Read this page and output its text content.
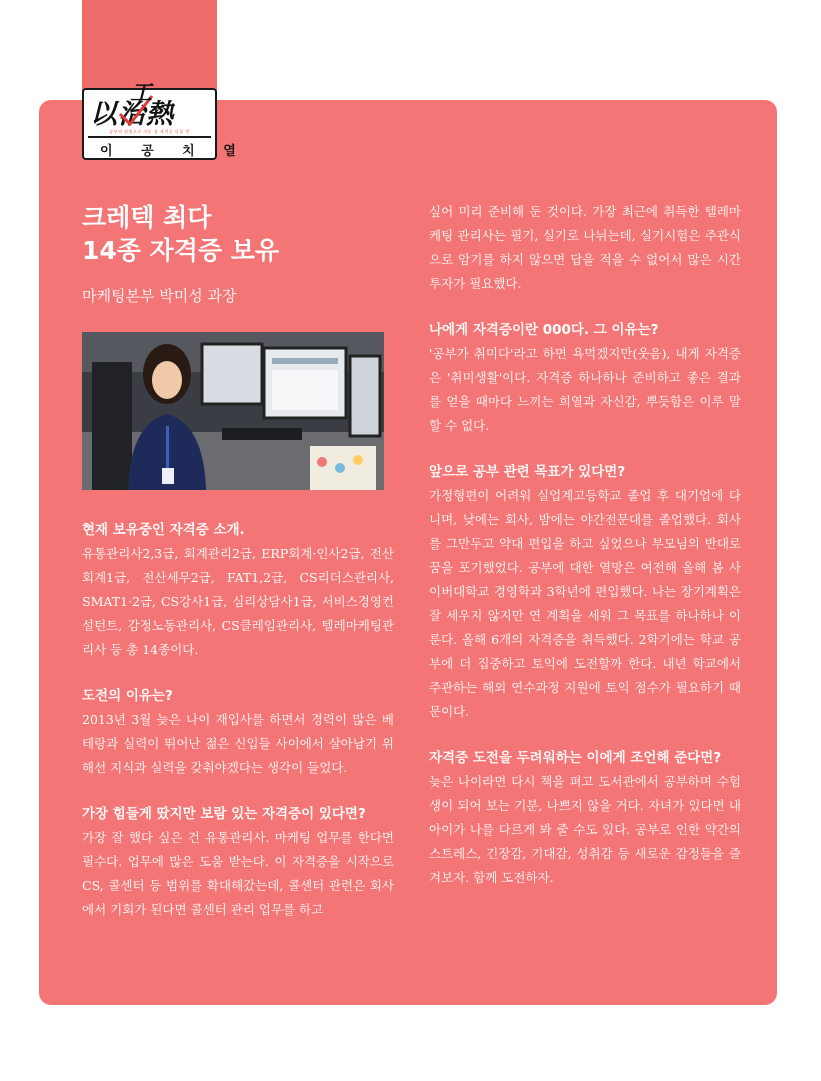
以治熱
工
공부의 열정으로 이룬 꿈 자격증 다섯 번
이 공 치 열
크레텍 최다
14종 자격증 보유
마케팅본부 박미성 과장
현재 보유중인 자격증 소개.

유통관리사2,3급, 회계관리2급, ERP회계·인사2급, 전산회계1급, 전산세무2급, FAT1,2급, CS리더스관리사, SMAT1·2급, CS강사1급, 심리상담사1급, 서비스경영컨설턴트, 감정노동관리사, CS클레임관리사, 텔레마케팅관리사 등 총 14종이다.

도전의 이유는?

2013년 3월 늦은 나이 재입사를 하면서 경력이 많은 베테랑과 실력이 뛰어난 젊은 신입들 사이에서 살아남기 위해선 지식과 실력을 갖춰야겠다는 생각이 들었다.

가장 힘들게 땄지만 보람 있는 자격증이 있다면?

가장 잘 했다 싶은 건 유통관리사. 마케팅 업무를 한다면 필수다. 업무에 많은 도움 받는다. 이 자격증을 시작으로 CS, 콜센터 등 범위를 확대해갔는데, 콜센터 관련은 회사에서 기회가 된다면 콜센터 관리 업무를 하고

싶어 미리 준비해 둔 것이다. 가장 최근에 취득한 텔레마케팅 관리사는 필기, 실기로 나뉘는데, 실기시험은 주관식으로 암기를 하지 않으면 답을 적을 수 없어서 많은 시간 투자가 필요했다.

나에게 자격증이란 000다. 그 이유는?

'공부가 취미다'라고 하면 욕먹겠지만(웃음), 내게 자격증은 '취미생활'이다. 자격증 하나하나 준비하고 좋은 결과를 얻을 때마다 느끼는 희열과 자신감, 뿌듯함은 이루 말할 수 없다.

앞으로 공부 관련 목표가 있다면?

가정형편이 어려워 실업계고등학교 졸업 후 대기업에 다니며, 낮에는 회사, 밤에는 야간전문대를 졸업했다. 회사를 그만두고 약대 편입을 하고 싶었으나 부모님의 반대로 꿈을 포기했었다. 공부에 대한 열망은 여전해 올해 봄 사이버대학교 경영학과 3학년에 편입했다. 나는 장기계획은 잘 세우지 않지만 연 계획을 세워 그 목표를 하나하나 이룬다. 올해 6개의 자격증을 취득했다. 2학기에는 학교 공부에 더 집중하고 토익에 도전할까 한다. 내년 학교에서 주관하는 해외 연수과정 지원에 토익 점수가 필요하기 때문이다.

자격증 도전을 두려워하는 이에게 조언해 준다면?

늦은 나이라면 다시 책을 펴고 도서관에서 공부하며 수험생이 되어 보는 기분, 나쁘지 않을 거다. 자녀가 있다면 내 아이가 나를 다르게 봐 줄 수도 있다. 공부로 인한 약간의 스트레스, 긴장감, 기대감, 성취감 등 새로운 감정들을 즐겨보자. 함께 도전하자.
